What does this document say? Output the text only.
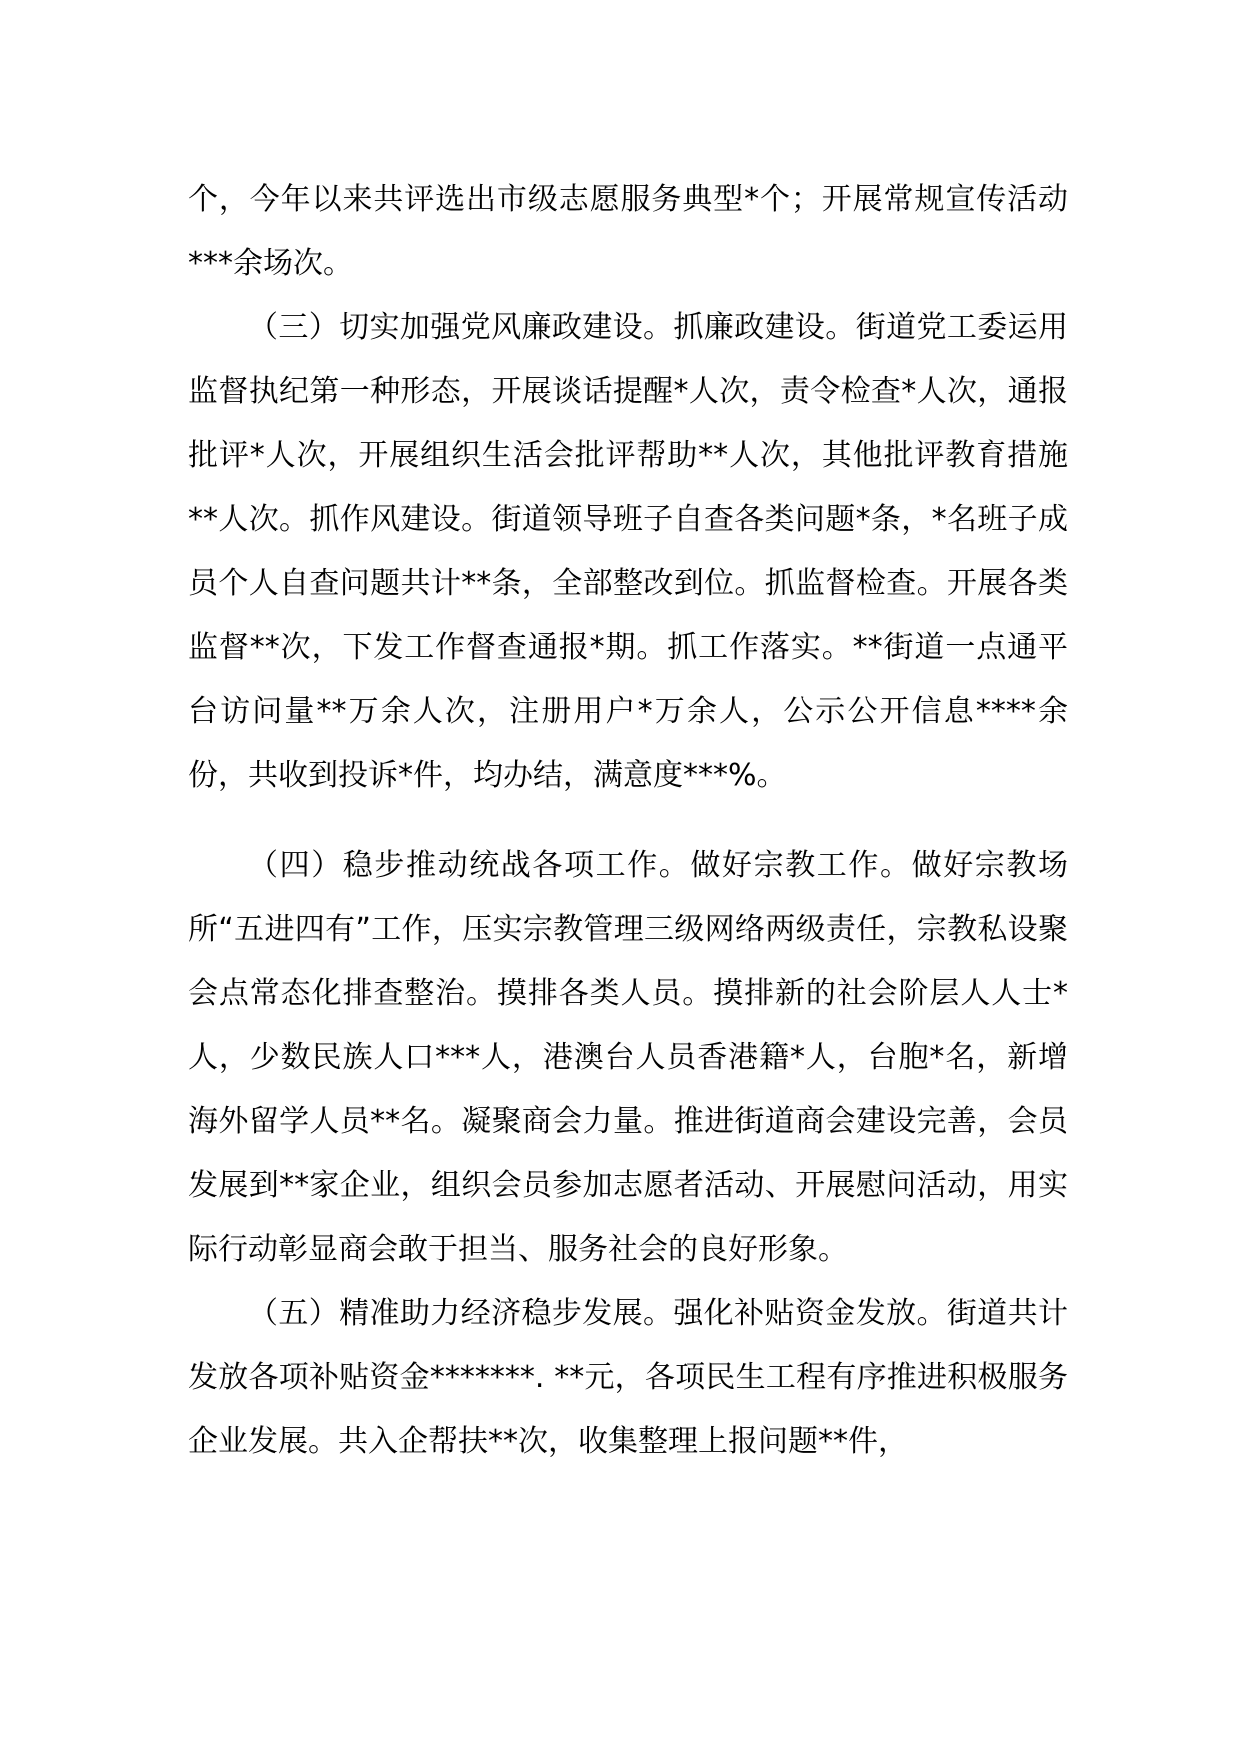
个，今年以来共评选出市级志愿服务典型*个；开展常规宣传活动***余场次。

（三）切实加强党风廉政建设。抓廉政建设。街道党工委运用监督执纪第一种形态，开展谈话提醒*人次，责令检查*人次，通报批评*人次，开展组织生活会批评帮助**人次，其他批评教育措施**人次。抓作风建设。街道领导班子自查各类问题*条，*名班子成员个人自查问题共计**条，全部整改到位。抓监督检查。开展各类监督**次，下发工作督查通报*期。抓工作落实。**街道一点通平台访问量**万余人次，注册用户*万余人，公示公开信息****余份，共收到投诉*件，均办结，满意度***%。

（四）稳步推动统战各项工作。做好宗教工作。做好宗教场所“五进四有”工作，压实宗教管理三级网络两级责任，宗教私设聚会点常态化排查整治。摸排各类人员。摸排新的社会阶层人人士*人，少数民族人口***人，港澳台人员香港籍*人，台胞*名，新增海外留学人员**名。凝聚商会力量。推进街道商会建设完善，会员发展到**家企业，组织会员参加志愿者活动、开展慰问活动，用实际行动彰显商会敢于担当、服务社会的良好形象。

（五）精准助力经济稳步发展。强化补贴资金发放。街道共计发放各项补贴资金*******. **元，各项民生工程有序推进积极服务企业发展。共入企帮扶**次，收集整理上报问题**件，
